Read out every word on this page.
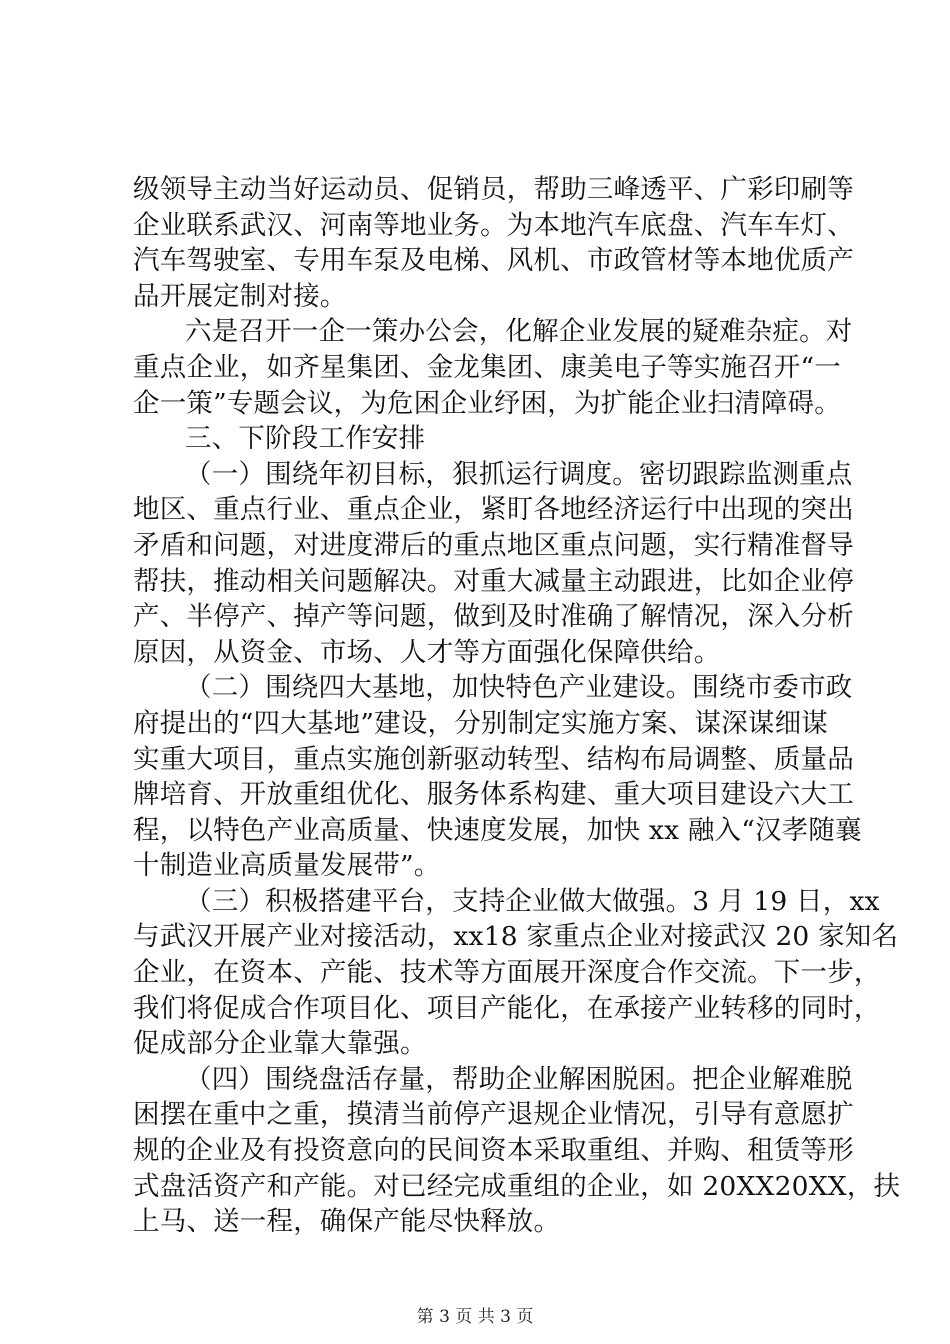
级领导主动当好运动员、促销员，帮助三峰透平、广彩印刷等
企业联系武汉、河南等地业务。为本地汽车底盘、汽车车灯、
汽车驾驶室、专用车泵及电梯、风机、市政管材等本地优质产
品开展定制对接。
六是召开一企一策办公会，化解企业发展的疑难杂症。对
重点企业，如齐星集团、金龙集团、康美电子等实施召开“一
企一策”专题会议，为危困企业纾困，为扩能企业扫清障碍。
三、下阶段工作安排
（一）围绕年初目标，狠抓运行调度。密切跟踪监测重点
地区、重点行业、重点企业，紧盯各地经济运行中出现的突出
矛盾和问题，对进度滞后的重点地区重点问题，实行精准督导
帮扶，推动相关问题解决。对重大减量主动跟进，比如企业停
产、半停产、掉产等问题，做到及时准确了解情况，深入分析
原因，从资金、市场、人才等方面强化保障供给。
（二）围绕四大基地，加快特色产业建设。围绕市委市政
府提出的“四大基地”建设，分别制定实施方案、谋深谋细谋
实重大项目，重点实施创新驱动转型、结构布局调整、质量品
牌培育、开放重组优化、服务体系构建、重大项目建设六大工
程，以特色产业高质量、快速度发展，加快 xx 融入“汉孝随襄
十制造业高质量发展带”。
（三）积极搭建平台，支持企业做大做强。3 月 19 日，xx
与武汉开展产业对接活动，xx18 家重点企业对接武汉 20 家知名
企业，在资本、产能、技术等方面展开深度合作交流。下一步，
我们将促成合作项目化、项目产能化，在承接产业转移的同时，
促成部分企业靠大靠强。
（四）围绕盘活存量，帮助企业解困脱困。把企业解难脱
困摆在重中之重，摸清当前停产退规企业情况，引导有意愿扩
规的企业及有投资意向的民间资本采取重组、并购、租赁等形
式盘活资产和产能。对已经完成重组的企业，如 20XX20XX，扶
上马、送一程，确保产能尽快释放。
第 3 页 共 3 页
